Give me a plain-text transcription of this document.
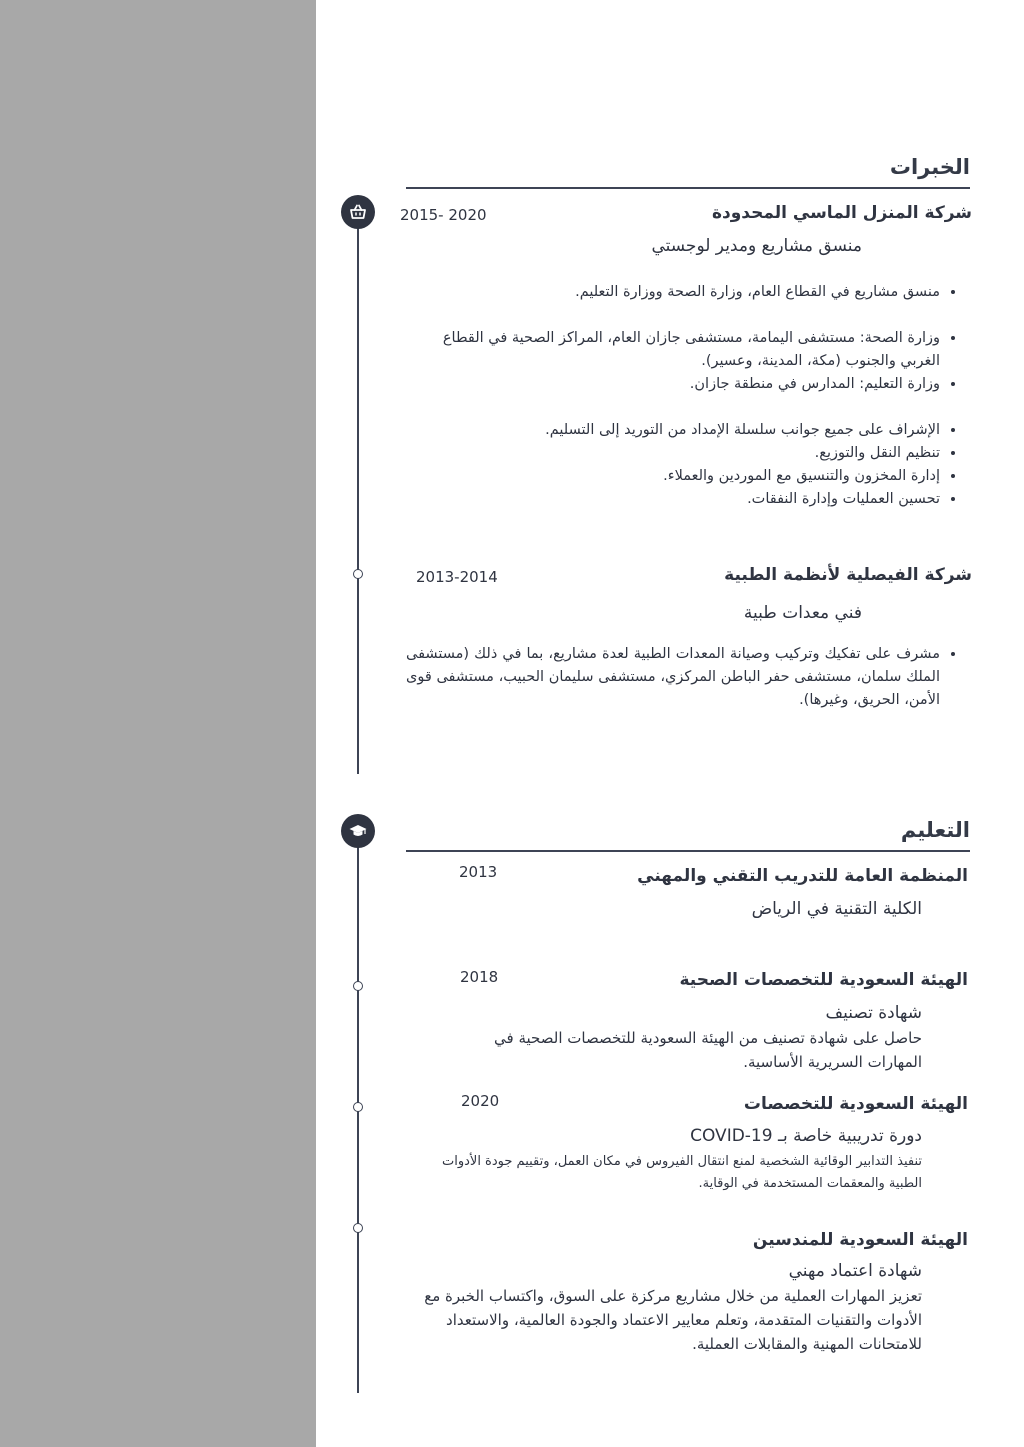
الخبرات
شركة المنزل الماسي المحدودة
2015- 2020
منسق مشاريع ومدير لوجستي
• منسق مشاريع في القطاع العام، وزارة الصحة ووزارة التعليم.
• وزارة الصحة: مستشفى اليمامة، مستشفى جازان العام، المراكز الصحية في القطاع الغربي والجنوب (مكة، المدينة، وعسير).
• وزارة التعليم: المدارس في منطقة جازان.
• الإشراف على جميع جوانب سلسلة الإمداد من التوريد إلى التسليم.
• تنظيم النقل والتوزيع.
• إدارة المخزون والتنسيق مع الموردين والعملاء.
• تحسين العمليات وإدارة النفقات.
شركة الفيصلية لأنظمة الطبية
2013-2014
فني معدات طبية
• مشرف على تفكيك وتركيب وصيانة المعدات الطبية لعدة مشاريع، بما في ذلك (مستشفى الملك سلمان، مستشفى حفر الباطن المركزي، مستشفى سليمان الحبيب، مستشفى قوى الأمن، الحريق، وغيرها).
التعليم
المنظمة العامة للتدريب التقني والمهني
2013
الكلية التقنية في الرياض
الهيئة السعودية للتخصصات الصحية
2018
شهادة تصنيف
حاصل على شهادة تصنيف من الهيئة السعودية للتخصصات الصحية في المهارات السريرية الأساسية.
الهيئة السعودية للتخصصات
2020
دورة تدريبية خاصة بـ COVID-19
تنفيذ التدابير الوقائية الشخصية لمنع انتقال الفيروس في مكان العمل، وتقييم جودة الأدوات الطبية والمعقمات المستخدمة في الوقاية.
الهيئة السعودية للمندسين
شهادة اعتماد مهني
تعزيز المهارات العملية من خلال مشاريع مركزة على السوق، واكتساب الخبرة مع الأدوات والتقنيات المتقدمة، وتعلم معايير الاعتماد والجودة العالمية، والاستعداد للامتحانات المهنية والمقابلات العملية.
